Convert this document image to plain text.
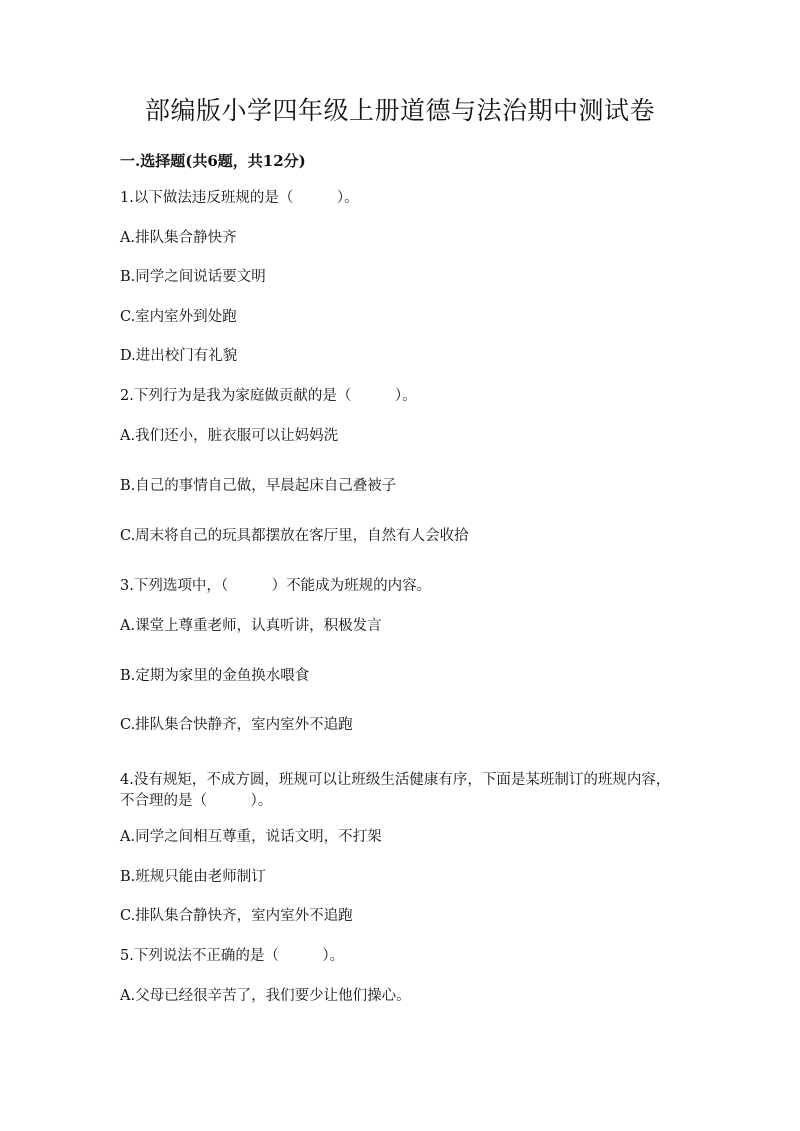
部编版小学四年级上册道德与法治期中测试卷
一.选择题(共6题，共12分)
1.以下做法违反班规的是（　　　）。
A.排队集合静快齐
B.同学之间说话要文明
C.室内室外到处跑
D.进出校门有礼貌
2.下列行为是我为家庭做贡献的是（　　　）。
A.我们还小，脏衣服可以让妈妈洗
B.自己的事情自己做，早晨起床自己叠被子
C.周末将自己的玩具都摆放在客厅里，自然有人会收拾
3.下列选项中，（　　　）不能成为班规的内容。
A.课堂上尊重老师，认真听讲，积极发言
B.定期为家里的金鱼换水喂食
C.排队集合快静齐，室内室外不追跑
4.没有规矩，不成方圆，班规可以让班级生活健康有序，下面是某班制订的班规内容，不合理的是（　　　）。
A.同学之间相互尊重，说话文明，不打架
B.班规只能由老师制订
C.排队集合静快齐，室内室外不追跑
5.下列说法不正确的是（　　　）。
A.父母已经很辛苦了，我们要少让他们操心。
